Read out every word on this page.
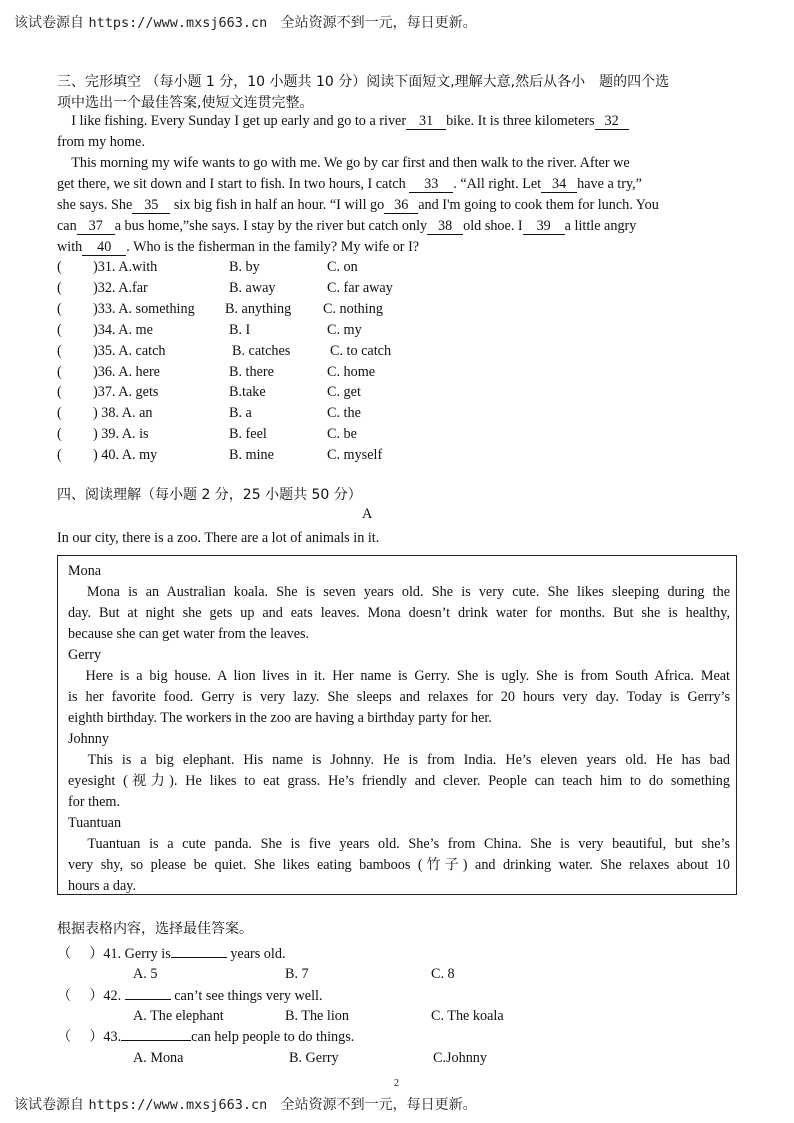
该试卷源自 https://www.mxsj663.cn 全站资源不到一元，每日更新。
三、完形填空 （每小题 1 分，10 小题共 10 分）阅读下面短文,理解大意,然后从各小　题的四个选
项中选出一个最佳答案,使短文连贯完整。
　I like fishing. Every Sunday I get up early and go to a river 31 bike. It is three kilometers 32
from my home.
　This morning my wife wants to go with me. We go by car first and then walk to the river. After we
get there, we sit down and I start to fish. In two hours, I catch 33 . “All right. Let 34 have a try,”
she says. She 35 six big fish in half an hour. “I will go 36 and I'm going to cook them for lunch. You
can 37 a bus home,”she says. I stay by the river but catch only 38 old shoe. I 39 a little angry
with 40 . Who is the fisherman in the family? My wife or I?
( )31. A.with	B. by	C. on
( )32. A.far	B. away	C. far away
( )33. A. something B. anything C. nothing
( )34. A. me	B. I	C. my
( )35. A. catch	B. catches	C. to catch
( )36. A. here	B. there	C. home
( )37. A. gets	B.take	C. get
( ) 38. A. an	B. a	C. the
( ) 39. A. is	B. feel	C. be
( ) 40. A. my	B. mine	C. myself
四、阅读理解（每小题 2 分，25 小题共 50 分）
In our city, there is a zoo. There are a lot of animals in it.
根据表格内容，选择最佳答案。
（ ）41. Gerry is	years old.
A. 5	B. 7	C. 8
（ ）42.	can’t see things very well.
A. The elephant	B. The lion	C. The koala
（ ）43.	can help people to do things.
A. Mona	B. Gerry	C.Johnny
A
Mona
　Mona is an Australian koala. She is seven years old. She is very cute. She likes sleeping during the
day. But at night she gets up and eats leaves. Mona doesn’t drink water for months. But she is healthy,
because she can get water from the leaves.
Gerry
　Here is a big house. A lion lives in it. Her name is Gerry. She is ugly. She is from South Africa. Meat
is her favorite food. Gerry is very lazy. She sleeps and relaxes for 20 hours very day. Today is Gerry’s
eighth birthday. The workers in the zoo are having a birthday party for her.
Johnny
　This is a big elephant. His name is Johnny. He is from India. He’s eleven years old. He has bad
eyesight (视力). He likes to eat grass. He’s friendly and clever. People can teach him to do something
for them.
Tuantuan
　Tuantuan is a cute panda. She is five years old. She’s from China. She is very beautiful, but she’s
very shy, so please be quiet. She likes eating bamboos (竹子) and drinking water. She relaxes about 10
hours a day.
2
该试卷源自 https://www.mxsj663.cn 全站资源不到一元，每日更新。
